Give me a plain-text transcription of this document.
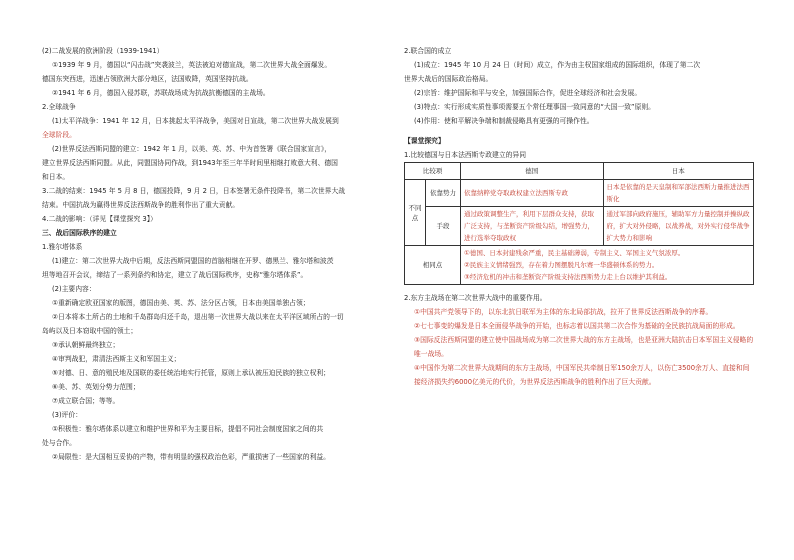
(2)二战发展的欧洲阶段（1939-1941）
①1939 年 9 月，德国以“闪击战”突袭波兰，英法被迫对德宣战，第二次世界大战全面爆发。
德国东突西进，迅速占领欧洲大部分地区，法国败降，英国坚持抗战。
②1941 年 6 月，德国入侵苏联，苏联战场成为抗战抗衡德国的主战场。
2.全球战争
(1)太平洋战争：1941 年 12 月，日本挑起太平洋战争，美国对日宣战，第二次世界大战发展到
全球阶段。
(2)世界反法西斯同盟的建立：1942 年 1 月，以美、英、苏、中为首签署《联合国家宣言》，
建立世界反法西斯同盟。从此，同盟国协同作战，到1943年至三年半时间里相继打败意大利、德国
和日本。
3.二战的结束：1945 年 5 月 8 日，德国投降，9 月 2 日，日本签署无条件投降书，第二次世界大战
结束。中国抗战为赢得世界反法西斯战争的胜利作出了重大贡献。
4.二战的影响：（详见【课堂探究 3】）
三、战后国际秩序的建立
1.雅尔塔体系
(1)建立：第二次世界大战中后期，反法西斯同盟国的首脑相继在开罗、德黑兰、雅尔塔和波茨
坦等地召开会议，缔结了一系列条约和协定，建立了战后国际秩序，史称“雅尔塔体系”。
(2)主要内容：
①重新确定欧亚国家的版图，德国由美、英、苏、法分区占领，日本由美国单独占领；
②日本将本土所占的土地和千岛群岛归还千岛，退出第一次世界大战以来在太平洋区域所占的一切
岛屿以及日本窃取中国的领土；
③承认朝鲜最终独立；
④审判战犯，肃清法西斯主义和军国主义；
⑤对德、日、意的殖民地及国联的委任统治地实行托管，原则上承认被压迫民族的独立权利；
⑥美、苏、英划分势力范围；
⑦成立联合国；等等。
(3)评价：
①积极性：雅尔塔体系以建立和维护世界和平为主要目标，提倡不同社会制度国家之间的共
处与合作。
②局限性：是大国相互妥协的产物，带有明显的强权政治色彩，严重损害了一些国家的利益。
2.联合国的成立
(1)成立：1945 年 10 月 24 日（时间）成立，作为由主权国家组成的国际组织，体现了第二次
世界大战后的国际政治格局。
(2)宗旨：维护国际和平与安全，加强国际合作，促进全球经济和社会发展。
(3)特点：实行形成实质性事项需要五个常任理事国一致同意的“大国一致”原则。
(4)作用：使和平解决争端和制裁侵略具有更强的可操作性。
【课堂探究】
1.比较德国与日本法西斯专政建立的异同
比较项		德国	日本
不同点	依靠势力	依靠纳粹党夺取政权建立法西斯专政	日本是依靠的是天皇制和军部法西斯力量推进法西斯化
	手段	通过政策调整生产，利用下层群众支持，获取广泛支持，与垄断资产阶级勾结，增强势力，进行选举夺取政权	通过军部向政府施压，辅助军方力量控制并操纵政府，扩大对外侵略，以战养战，对外实行侵华战争扩大势力和影响
相同点		①德国、日本封建残余严重，民主基础薄弱，专制主义、军国主义气氛浓厚。
②民族主义情绪强烈，存在着力图摆脱凡尔赛一华盛顿体系的势力。
③经济危机的冲击和垄断资产阶级支持法西斯势力走上台以维护其利益。	
2.东方主战场在第二次世界大战中的重要作用。
①中国共产党领导下的，以东北抗日联军为主体的东北局部抗战，拉开了世界反法西斯战争的序幕。
②七七事变的爆发是日本全面侵华战争的开始，也标志着以国共第二次合作为基础的全民族抗战局面的形成。
③国际反法西斯同盟的建立使中国战场成为第二次世界大战的东方主战场，也是亚洲大陆抗击日本军国主义侵略的唯一战场。
④中国作为第二次世界大战期间的东方主战场，中国军民共牵制日军150余万人，以伤亡3500余万人、直接和间接经济损失约6000亿美元的代价，为世界反法西斯战争的胜利作出了巨大贡献。
